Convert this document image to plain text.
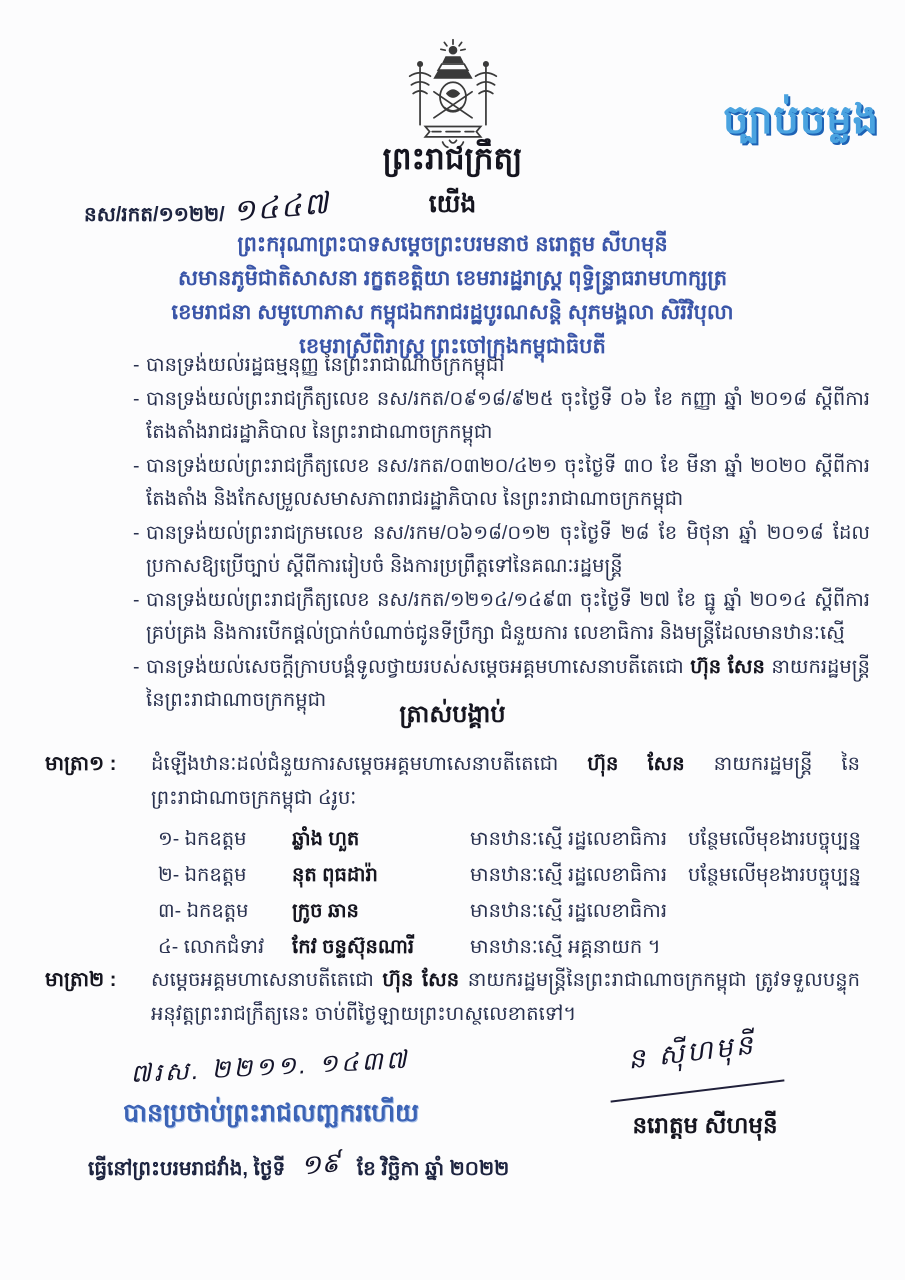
ច្បាប់ចម្លង
ព្រះរាជក្រឹត្យ
នស/រកត/១១២២/ ១៤៤៧	យើង
ព្រះករុណាព្រះបាទសម្តេចព្រះបរមនាថ នរោត្តម សីហមុនី
សមានភូមិជាតិសាសនា រក្ខតខត្តិយា ខេមរារដ្ឋរាស្ត្រ ពុទ្ធិន្ទ្រាធរាមហាក្សត្រ
ខេមរាជនា សមូហោភាស កម្ពុជឯករាជរដ្ឋបូរណសន្តិ សុភមង្គលា សិរីវិបុលា
ខេមរាស្រីពិរាស្ត្រ ព្រះចៅក្រុងកម្ពុជាធិបតី
- បានទ្រង់យល់រដ្ឋធម្មនុញ្ញ នៃព្រះរាជាណាចក្រកម្ពុជា
- បានទ្រង់យល់ព្រះរាជក្រឹត្យលេខ នស/រកត/០៩១៨/៩២៥ ចុះថ្ងៃទី ០៦ ខែ កញ្ញា ឆ្នាំ ២០១៨ ស្តីពីការតែងតាំងរាជរដ្ឋាភិបាល នៃព្រះរាជាណាចក្រកម្ពុជា
- បានទ្រង់យល់ព្រះរាជក្រឹត្យលេខ នស/រកត/០៣២០/៤២១ ចុះថ្ងៃទី ៣០ ខែ មីនា ឆ្នាំ ២០២០ ស្តីពីការតែងតាំង និងកែសម្រួលសមាសភាពរាជរដ្ឋាភិបាល នៃព្រះរាជាណាចក្រកម្ពុជា
- បានទ្រង់យល់ព្រះរាជក្រមលេខ នស/រកម/០៦១៨/០១២ ចុះថ្ងៃទី ២៨ ខែ មិថុនា ឆ្នាំ ២០១៨ ដែលប្រកាសឱ្យប្រើច្បាប់ ស្តីពីការរៀបចំ និងការប្រព្រឹត្តទៅនៃគណៈរដ្ឋមន្ត្រី
- បានទ្រង់យល់ព្រះរាជក្រឹត្យលេខ នស/រកត/១២១៤/១៤៩៣ ចុះថ្ងៃទី ២៧ ខែ ធ្នូ ឆ្នាំ ២០១៤ ស្តីពីការគ្រប់គ្រង និងការបើកផ្តល់ប្រាក់បំណាច់ជូនទីប្រឹក្សា ជំនួយការ លេខាធិការ និងមន្ត្រីដែលមានឋានៈស្មើ
- បានទ្រង់យល់សេចក្តីក្រាបបង្គំទូលថ្វាយរបស់សម្តេចអគ្គមហាសេនាបតីតេជោ ហ៊ុន សែន នាយករដ្ឋមន្ត្រី នៃព្រះរាជាណាចក្រកម្ពុជា
ត្រាស់បង្គាប់
មាត្រា១ : ដំឡើងឋានៈដល់ជំនួយការសម្តេចអគ្គមហាសេនាបតីតេជោ ហ៊ុន សែន នាយករដ្ឋមន្ត្រី នៃព្រះរាជាណាចក្រកម្ពុជា ៤រូបៈ
១- ឯកឧត្តម	ឆ្លាំង ហួត	មានឋានៈស្មើ រដ្ឋលេខាធិការ	បន្ថែមលើមុខងារបច្ចុប្បន្ន
២- ឯកឧត្តម	នុត ពុធដារ៉ា	មានឋានៈស្មើ រដ្ឋលេខាធិការ	បន្ថែមលើមុខងារបច្ចុប្បន្ន
៣- ឯកឧត្តម	ក្រូច ឆាន	មានឋានៈស្មើ រដ្ឋលេខាធិការ
៤- លោកជំទាវ	កែវ ចន្ទស៊ុនណារី	មានឋានៈស្មើ អគ្គនាយក ។
មាត្រា២ : សម្តេចអគ្គមហាសេនាបតីតេជោ ហ៊ុន សែន នាយករដ្ឋមន្ត្រីនៃព្រះរាជាណាចក្រកម្ពុជា ត្រូវទទួលបន្ទុកអនុវត្តព្រះរាជក្រឹត្យនេះ ចាប់ពីថ្ងៃឡាយព្រះហស្ថលេខាតទៅ។
ន ស៊ីហមុនី
នរោត្តម សីហមុនី
៧រស. ២២១១. ១៤៣៧
បានប្រថាប់ព្រះរាជលញ្ឆករហើយ
ធ្វើនៅព្រះបរមរាជវាំង, ថ្ងៃទី ១៩ ខែ វិច្ឆិកា ឆ្នាំ ២០២២
